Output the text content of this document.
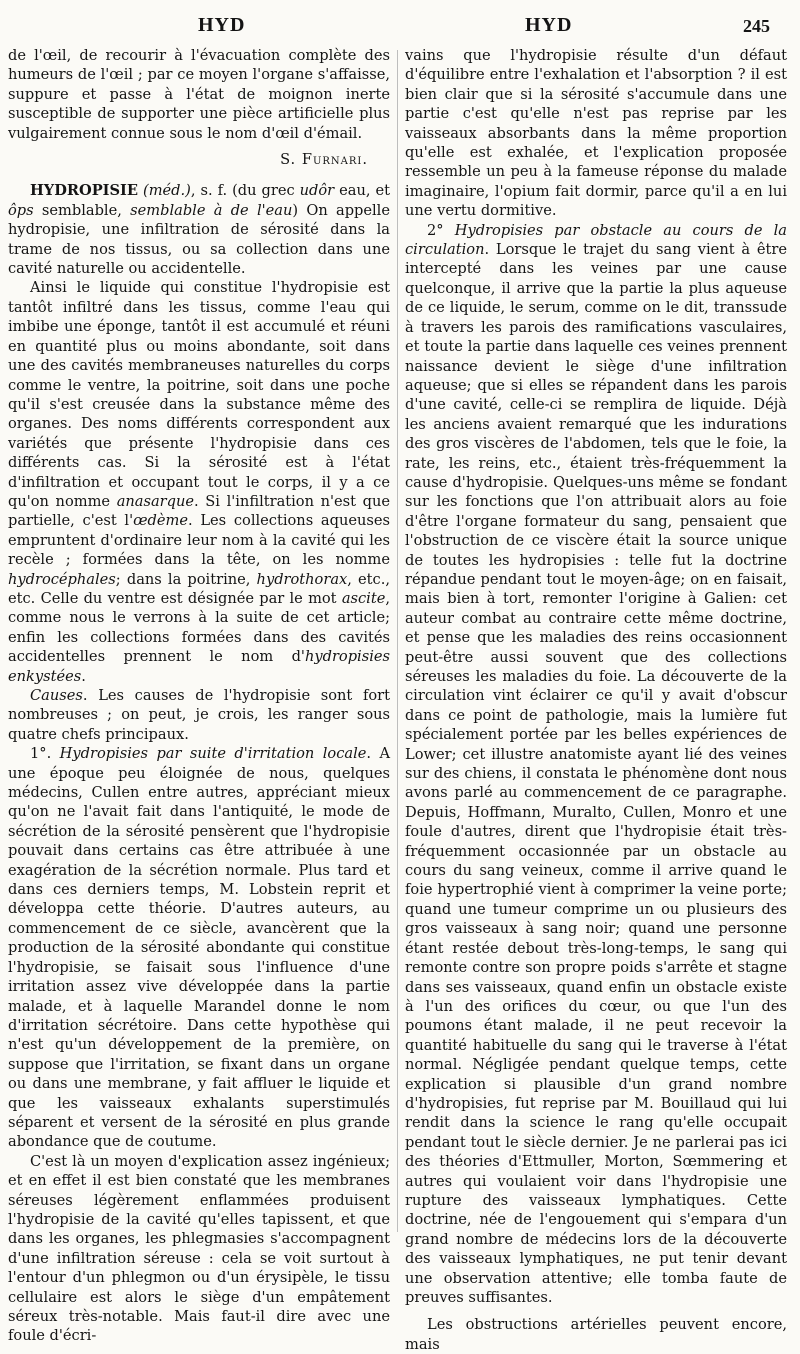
HYD	HYD	245

de l'œil, de recourir à l'évacuation complète des humeurs de l'œil ; par ce moyen l'organe s'affaisse, suppure et passe à l'état de moignon inerte susceptible de supporter une pièce artificielle plus vulgairement connue sous le nom d'œil d'émail.

S. Furnari.

HYDROPISIE (méd.), s. f. (du grec udôr eau, et ôps semblable, semblable à de l'eau) On appelle hydropisie, une infiltration de sérosité dans la trame de nos tissus, ou sa collection dans une cavité naturelle ou accidentelle.

Ainsi le liquide qui constitue l'hydropisie est tantôt infiltré dans les tissus, comme l'eau qui imbibe une éponge, tantôt il est accumulé et réuni en quantité plus ou moins abondante, soit dans une des cavités membraneuses naturelles du corps comme le ventre, la poitrine, soit dans une poche qu'il s'est creusée dans la substance même des organes. Des noms différents correspondent aux variétés que présente l'hydropisie dans ces différents cas. Si la sérosité est à l'état d'infiltration et occupant tout le corps, il y a ce qu'on nomme anasarque. Si l'infiltration n'est que partielle, c'est l'œdème. Les collections aqueuses empruntent d'ordinaire leur nom à la cavité qui les recèle ; formées dans la tête, on les nomme hydrocéphales; dans la poitrine, hydrothorax, etc., etc. Celle du ventre est désignée par le mot ascite, comme nous le verrons à la suite de cet article; enfin les collections formées dans des cavités accidentelles prennent le nom d'hydropisies enkystées.

Causes. Les causes de l'hydropisie sont fort nombreuses ; on peut, je crois, les ranger sous quatre chefs principaux.

1°. Hydropisies par suite d'irritation locale. A une époque peu éloignée de nous, quelques médecins, Cullen entre autres, appréciant mieux qu'on ne l'avait fait dans l'antiquité, le mode de sécrétion de la sérosité pensèrent que l'hydropisie pouvait dans certains cas être attribuée à une exagération de la sécrétion normale. Plus tard et dans ces derniers temps, M. Lobstein reprit et développa cette théorie. D'autres auteurs, au commencement de ce siècle, avancèrent que la production de la sérosité abondante qui constitue l'hydropisie, se faisait sous l'influence d'une irritation assez vive développée dans la partie malade, et à laquelle Marandel donne le nom d'irritation sécrétoire. Dans cette hypothèse qui n'est qu'un développement de la première, on suppose que l'irritation, se fixant dans un organe ou dans une membrane, y fait affluer le liquide et que les vaisseaux exhalants superstimulés séparent et versent de la sérosité en plus grande abondance que de coutume.

C'est là un moyen d'explication assez ingénieux; et en effet il est bien constaté que les membranes séreuses légèrement enflammées produisent l'hydropisie de la cavité qu'elles tapissent, et que dans les organes, les phlegmasies s'accompagnent d'une infiltration séreuse : cela se voit surtout à l'entour d'un phlegmon ou d'un érysipèle, le tissu cellulaire est alors le siège d'un empâtement séreux très-notable. Mais faut-il dire avec une foule d'écri-

vains que l'hydropisie résulte d'un défaut d'équilibre entre l'exhalation et l'absorption ? il est bien clair que si la sérosité s'accumule dans une partie c'est qu'elle n'est pas reprise par les vaisseaux absorbants dans la même proportion qu'elle est exhalée, et l'explication proposée ressemble un peu à la fameuse réponse du malade imaginaire, l'opium fait dormir, parce qu'il a en lui une vertu dormitive.

2° Hydropisies par obstacle au cours de la circulation. Lorsque le trajet du sang vient à être intercepté dans les veines par une cause quelconque, il arrive que la partie la plus aqueuse de ce liquide, le serum, comme on le dit, transsude à travers les parois des ramifications vasculaires, et toute la partie dans laquelle ces veines prennent naissance devient le siège d'une infiltration aqueuse; que si elles se répandent dans les parois d'une cavité, celle-ci se remplira de liquide. Déjà les anciens avaient remarqué que les indurations des gros viscères de l'abdomen, tels que le foie, la rate, les reins, etc., étaient très-fréquemment la cause d'hydropisie. Quelques-uns même se fondant sur les fonctions que l'on attribuait alors au foie d'être l'organe formateur du sang, pensaient que l'obstruction de ce viscère était la source unique de toutes les hydropisies : telle fut la doctrine répandue pendant tout le moyen-âge; on en faisait, mais bien à tort, remonter l'origine à Galien: cet auteur combat au contraire cette même doctrine, et pense que les maladies des reins occasionnent peut-être aussi souvent que des collections séreuses les maladies du foie. La découverte de la circulation vint éclairer ce qu'il y avait d'obscur dans ce point de pathologie, mais la lumière fut spécialement portée par les belles expériences de Lower; cet illustre anatomiste ayant lié des veines sur des chiens, il constata le phénomène dont nous avons parlé au commencement de ce paragraphe. Depuis, Hoffmann, Muralto, Cullen, Monro et une foule d'autres, dirent que l'hydropisie était très-fréquemment occasionnée par un obstacle au cours du sang veineux, comme il arrive quand le foie hypertrophié vient à comprimer la veine porte; quand une tumeur comprime un ou plusieurs des gros vaisseaux à sang noir; quand une personne étant restée debout très-long-temps, le sang qui remonte contre son propre poids s'arrête et stagne dans ses vaisseaux, quand enfin un obstacle existe à l'un des orifices du cœur, ou que l'un des poumons étant malade, il ne peut recevoir la quantité habituelle du sang qui le traverse à l'état normal. Négligée pendant quelque temps, cette explication si plausible d'un grand nombre d'hydropisies, fut reprise par M. Bouillaud qui lui rendit dans la science le rang qu'elle occupait pendant tout le siècle dernier. Je ne parlerai pas ici des théories d'Ettmuller, Morton, Sœmmering et autres qui voulaient voir dans l'hydropisie une rupture des vaisseaux lymphatiques. Cette doctrine, née de l'engouement qui s'empara d'un grand nombre de médecins lors de la découverte des vaisseaux lymphatiques, ne put tenir devant une observation attentive; elle tomba faute de preuves suffisantes.

Les obstructions artérielles peuvent encore, mais
